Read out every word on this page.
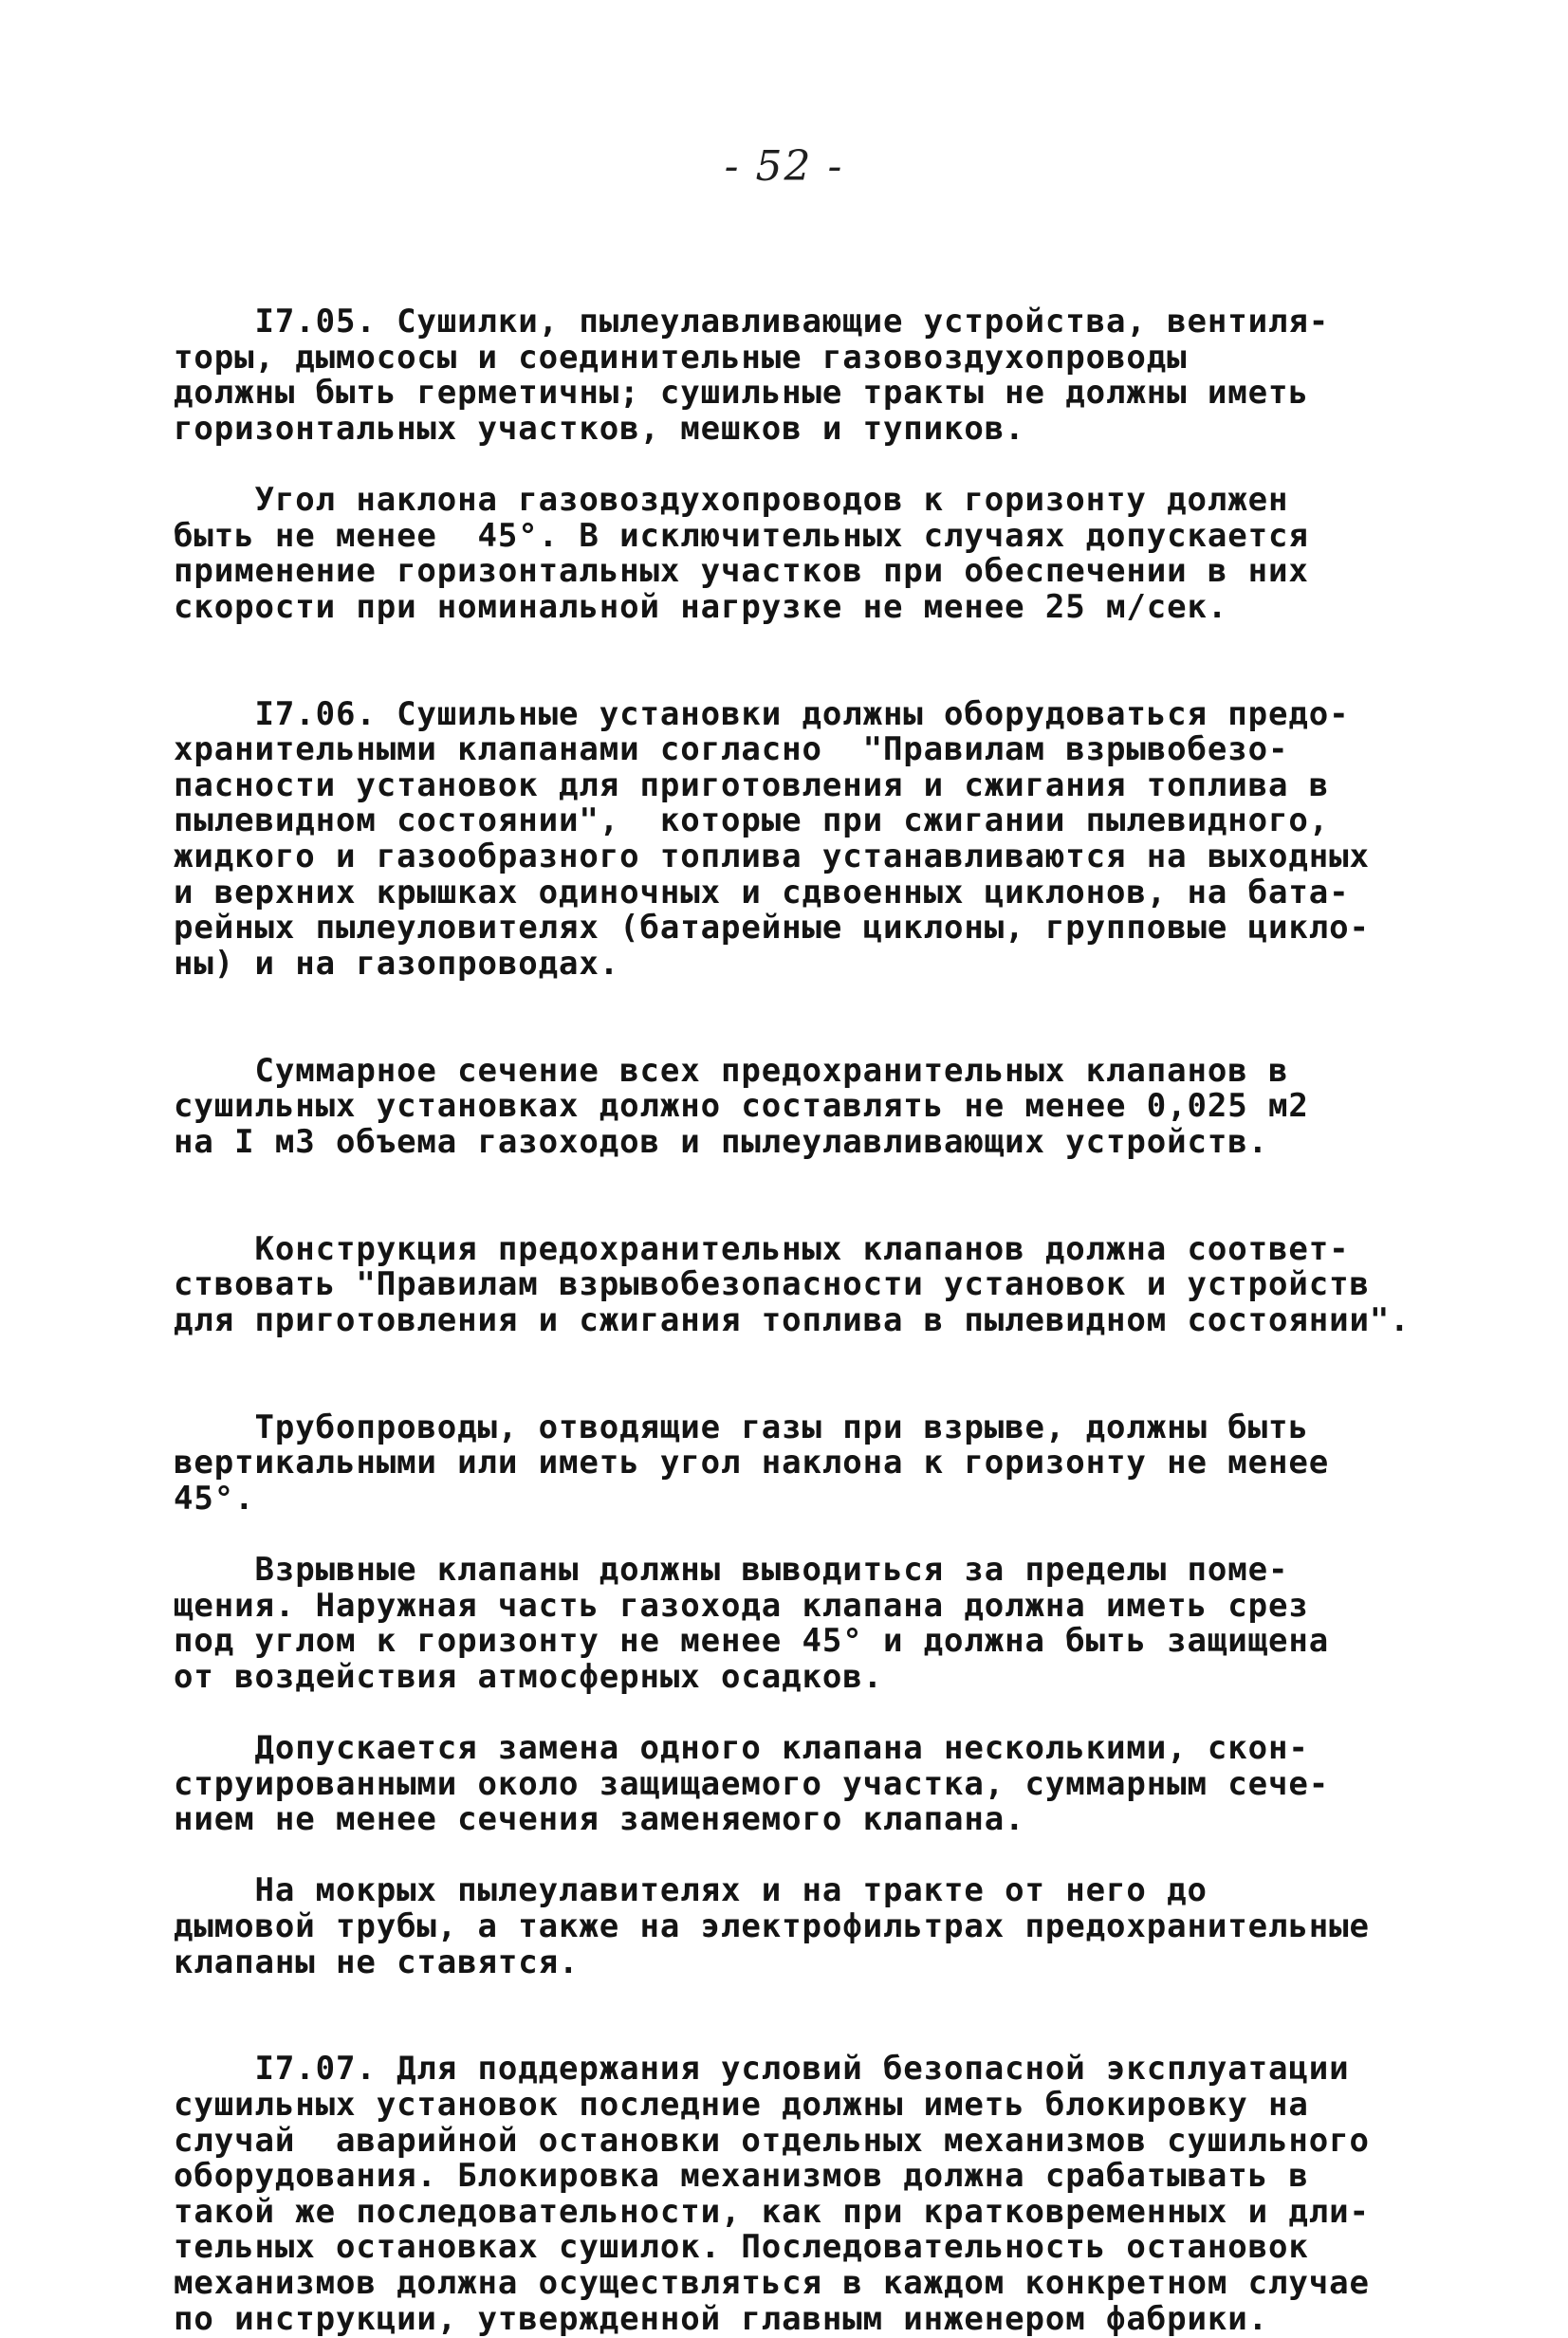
- 52 -

I7.05. Сушилки, пылеулавливающие устройства, вентиля-

торы, дымососы и соединительные газовоздухопроводы

должны быть герметичны; сушильные тракты не должны иметь

горизонтальных участков, мешков и тупиков.

Угол наклона газовоздухопроводов к горизонту должен

быть не менее  45°. В исключительных случаях допускается

применение горизонтальных участков при обеспечении в них

скорости при номинальной нагрузке не менее 25 м/сек.

I7.06. Сушильные установки должны оборудоваться предо-

хранительными клапанами согласно  "Правилам взрывобезо-

пасности установок для приготовления и сжигания топлива в

пылевидном состоянии",  которые при сжигании пылевидного,

жидкого и газообразного топлива устанавливаются на выходных

и верхних крышках одиночных и сдвоенных циклонов, на бата-

рейных пылеуловителях (батарейные циклоны, групповые цикло-

ны) и на газопроводах.

Суммарное сечение всех предохранительных клапанов в

сушильных установках должно составлять не менее 0,025 м2

на I м3 объема газоходов и пылеулавливающих устройств.

Конструкция предохранительных клапанов должна соответ-

ствовать "Правилам взрывобезопасности установок и устройств

для приготовления и сжигания топлива в пылевидном состоянии".

Трубопроводы, отводящие газы при взрыве, должны быть

вертикальными или иметь угол наклона к горизонту не менее

45°.

Взрывные клапаны должны выводиться за пределы поме-

щения. Наружная часть газохода клапана должна иметь срез

под углом к горизонту не менее 45° и должна быть защищена

от воздействия атмосферных осадков.

Допускается замена одного клапана несколькими, скон-

струированными около защищаемого участка, суммарным сече-

нием не менее сечения заменяемого клапана.

На мокрых пылеулавителях и на тракте от него до

дымовой трубы, а также на электрофильтрах предохранительные

клапаны не ставятся.

I7.07. Для поддержания условий безопасной эксплуатации

сушильных установок последние должны иметь блокировку на

случай  аварийной остановки отдельных механизмов сушильного

оборудования. Блокировка механизмов должна срабатывать в

такой же последовательности, как при кратковременных и дли-

тельных остановках сушилок. Последовательность остановок

механизмов должна осуществляться в каждом конкретном случае

по инструкции, утвержденной главным инженером фабрики.
